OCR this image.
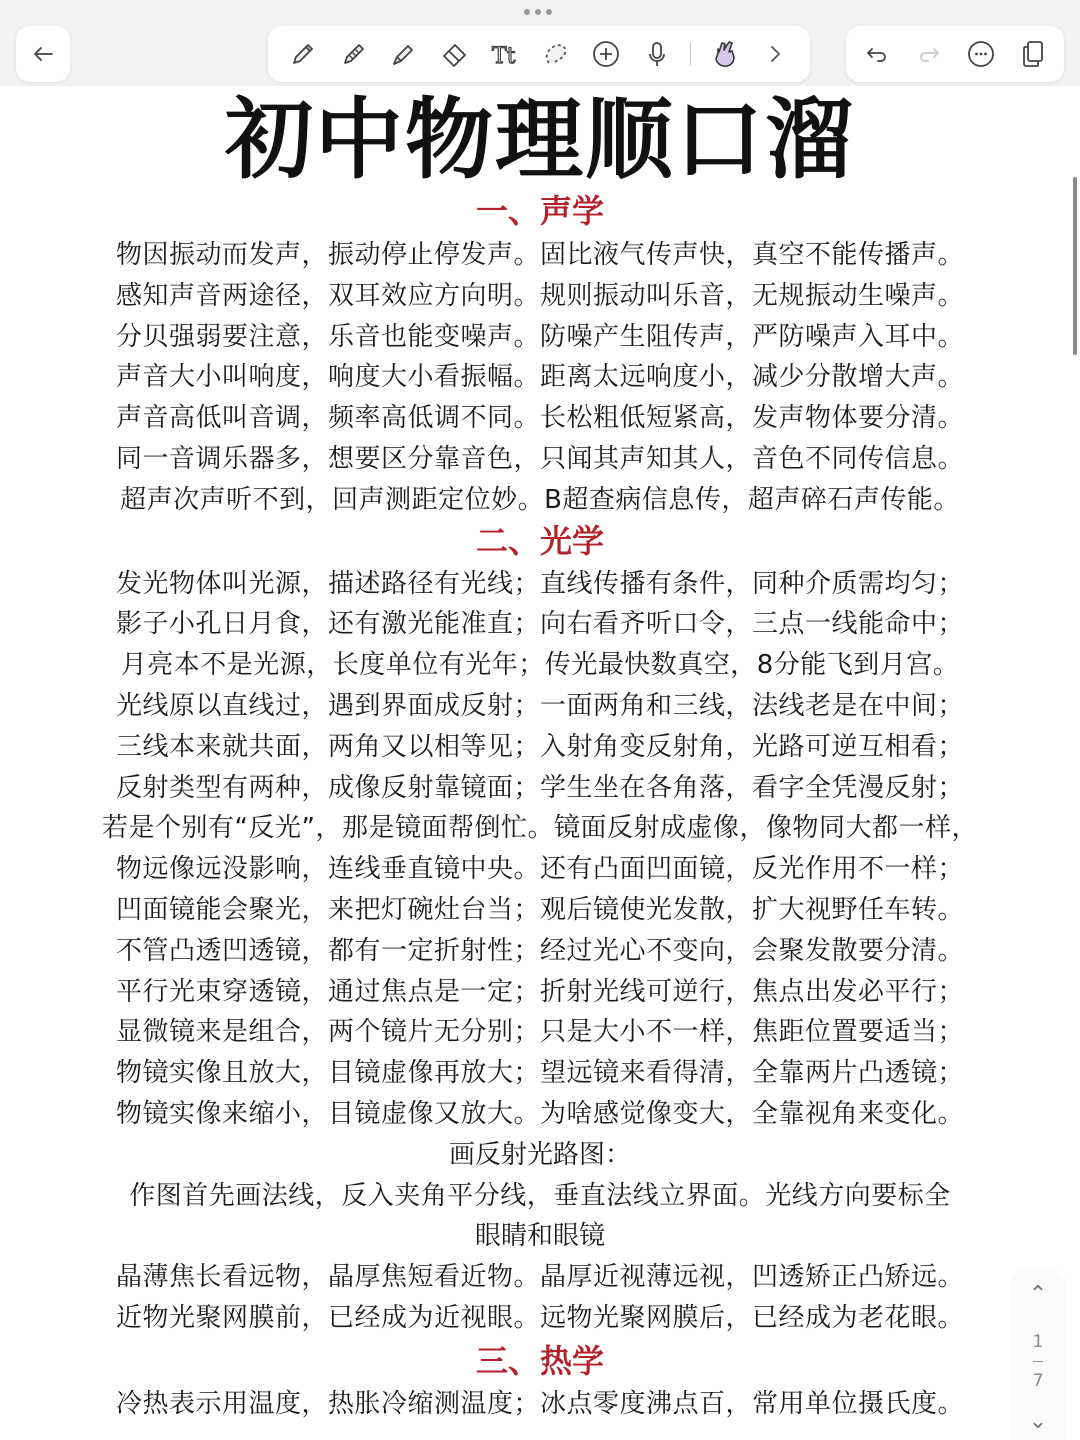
Tt
初中物理顺口溜
一、声学
物因振动而发声，振动停止停发声。固比液气传声快，真空不能传播声。
感知声音两途径，双耳效应方向明。规则振动叫乐音，无规振动生噪声。
分贝强弱要注意，乐音也能变噪声。防噪产生阻传声，严防噪声入耳中。
声音大小叫响度，响度大小看振幅。距离太远响度小，减少分散增大声。
声音高低叫音调，频率高低调不同。长松粗低短紧高，发声物体要分清。
同一音调乐器多，想要区分靠音色，只闻其声知其人，音色不同传信息。
超声次声听不到，回声测距定位妙。B超查病信息传，超声碎石声传能。
二、光学
发光物体叫光源，描述路径有光线；直线传播有条件，同种介质需均匀；
影子小孔日月食，还有激光能准直；向右看齐听口令，三点一线能命中；
月亮本不是光源，长度单位有光年；传光最快数真空，8分能飞到月宫。
光线原以直线过，遇到界面成反射；一面两角和三线，法线老是在中间；
三线本来就共面，两角又以相等见；入射角变反射角，光路可逆互相看；
反射类型有两种，成像反射靠镜面；学生坐在各角落，看字全凭漫反射；
若是个别有“反光”，那是镜面帮倒忙。镜面反射成虚像，像物同大都一样，
物远像远没影响，连线垂直镜中央。还有凸面凹面镜，反光作用不一样；
凹面镜能会聚光，来把灯碗灶台当；观后镜使光发散，扩大视野任车转。
不管凸透凹透镜，都有一定折射性；经过光心不变向，会聚发散要分清。
平行光束穿透镜，通过焦点是一定；折射光线可逆行，焦点出发必平行；
显微镜来是组合，两个镜片无分别；只是大小不一样，焦距位置要适当；
物镜实像且放大，目镜虚像再放大；望远镜来看得清，全靠两片凸透镜；
物镜实像来缩小，目镜虚像又放大。为啥感觉像变大，全靠视角来变化。
画反射光路图：
作图首先画法线，反入夹角平分线，垂直法线立界面。光线方向要标全
眼睛和眼镜
晶薄焦长看远物，晶厚焦短看近物。晶厚近视薄远视，凹透矫正凸矫远。
近物光聚网膜前，已经成为近视眼。远物光聚网膜后，已经成为老花眼。
三、热学
冷热表示用温度，热胀冷缩测温度；冰点零度沸点百，常用单位摄氏度。
⌃
1
7
⌄
